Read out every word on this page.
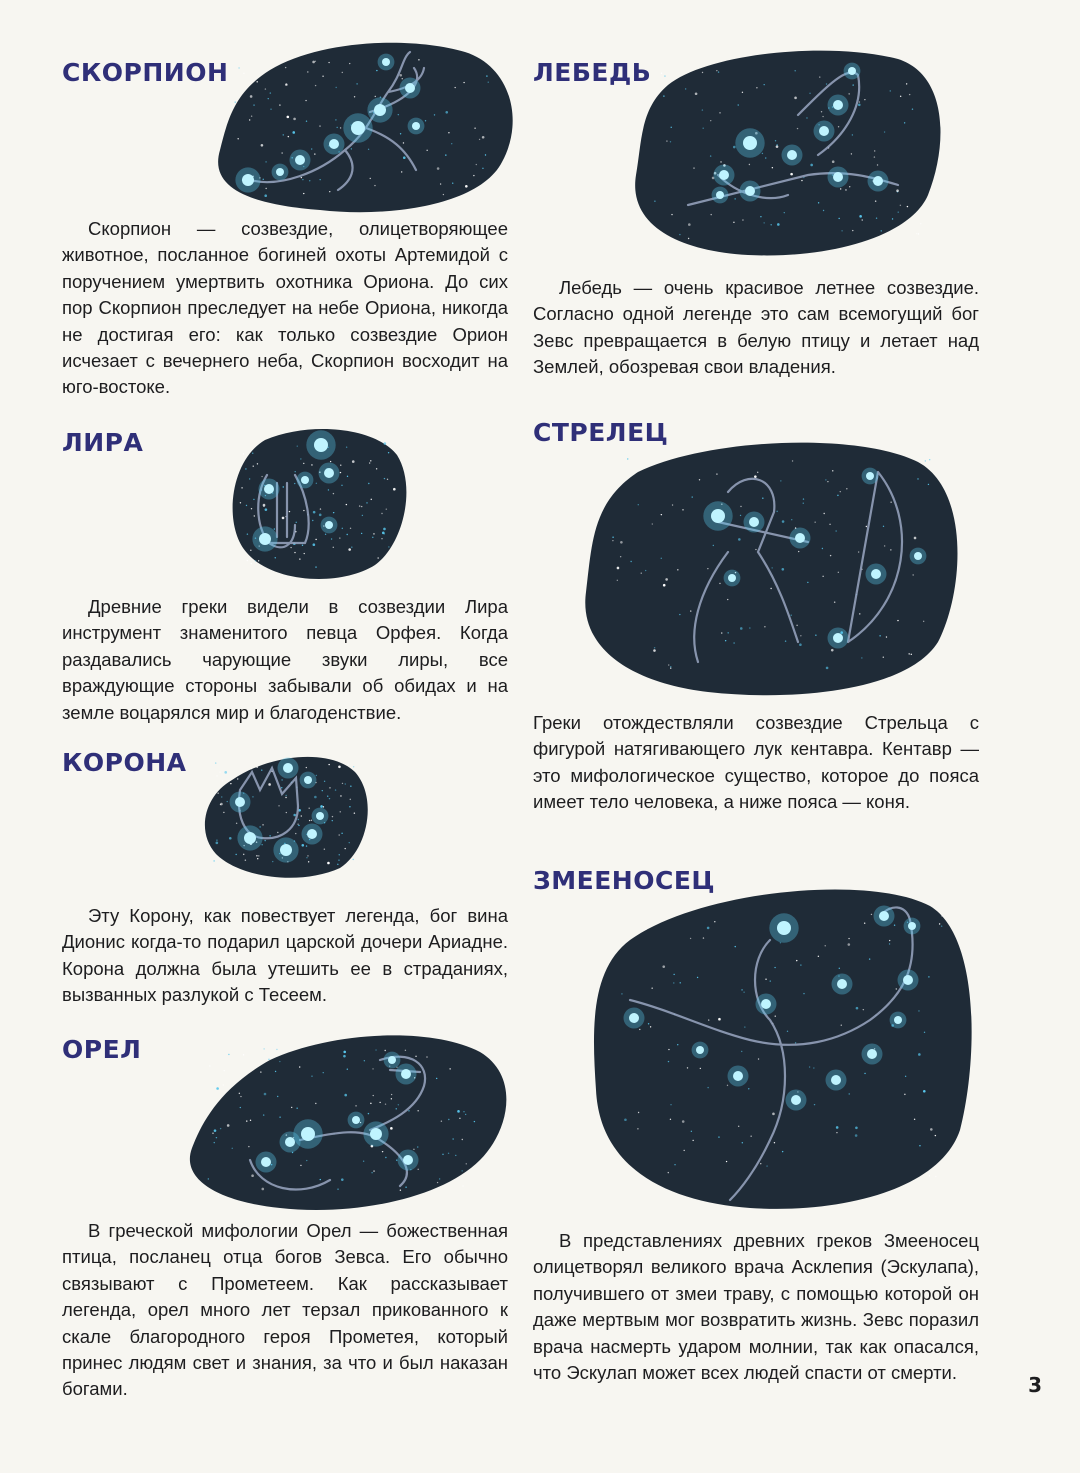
СКОРПИОН

Скорпион — созвездие, олицетворяющее животное, посланное богиней охоты Артемидой с поручением умертвить охотника Ориона. До сих пор Скорпион преследует на небе Ориона, никогда не достигая его: как только созвездие Орион исчезает с вечернего неба, Скорпион восходит на юго-востоке.

ЛИРА

Древние греки видели в созвездии Лира инструмент знаменитого певца Орфея. Когда раздавались чарующие звуки лиры, все враждующие стороны забывали об обидах и на земле воцарялся мир и благоденствие.

КОРОНА

Эту Корону, как повествует легенда, бог вина Дионис когда-то подарил царской дочери Ариадне. Корона должна была утешить ее в страданиях, вызванных разлукой с Тесеем.

ОРЕЛ

В греческой мифологии Орел — божественная птица, посланец отца богов Зевса. Его обычно связывают с Прометеем. Как рассказывает легенда, орел много лет терзал прикованного к скале благородного героя Прометея, который принес людям свет и знания, за что и был наказан богами.

ЛЕБЕДЬ

Лебедь — очень красивое летнее созвездие. Согласно одной легенде это сам всемогущий бог Зевс превращается в белую птицу и летает над Землей, обозревая свои владения.

СТРЕЛЕЦ

Греки отождествляли созвездие Стрельца с фигурой натягивающего лук кентавра. Кентавр — это мифологическое существо, которое до пояса имеет тело человека, а ниже пояса — коня.

ЗМЕЕНОСЕЦ

В представлениях древних греков Змееносец олицетворял великого врача Асклепия (Эскулапа), получившего от змеи траву, с помощью которой он даже мертвым мог возвратить жизнь. Зевс поразил врача насмерть ударом молнии, так как опасался, что Эскулап может всех людей спасти от смерти.

3
